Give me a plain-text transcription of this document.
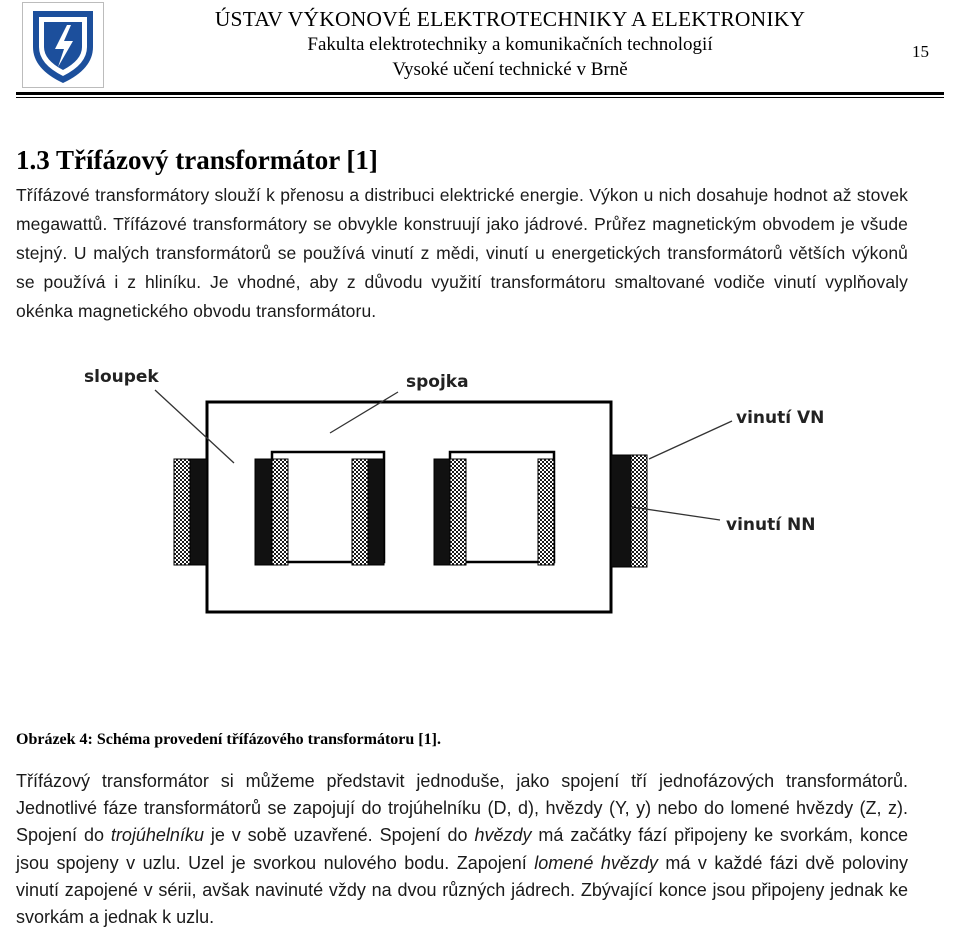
ÚSTAV VÝKONOVÉ ELEKTROTECHNIKY A ELEKTRONIKY
Fakulta elektrotechniky a komunikačních technologií
Vysoké učení technické v Brně
15
1.3 Třífázový transformátor [1]

Třífázové transformátory slouží k přenosu a distribuci elektrické energie. Výkon u nich dosahuje hodnot až stovek megawattů. Třífázové transformátory se obvykle konstruují jako jádrové. Průřez magnetickým obvodem je všude stejný. U malých transformátorů se používá vinutí z mědi, vinutí u energetických transformátorů větších výkonů se používá i z hliníku. Je vhodné, aby z důvodu využití transformátoru smaltované vodiče vinutí vyplňovaly okénka magnetického obvodu transformátoru.

sloupek	spojka
vinutí VN
vinutí NN
Obrázek 4: Schéma provedení třífázového transformátoru [1].

Třífázový transformátor si můžeme představit jednoduše, jako spojení tří jednofázových transformátorů. Jednotlivé fáze transformátorů se zapojují do trojúhelníku (D, d), hvězdy (Y, y) nebo do lomené hvězdy (Z, z). Spojení do trojúhelníku je v sobě uzavřené. Spojení do hvězdy má začátky fází připojeny ke svorkám, konce jsou spojeny v uzlu. Uzel je svorkou nulového bodu. Zapojení lomené hvězdy má v každé fázi dvě poloviny vinutí zapojené v sérii, avšak navinuté vždy na dvou různých jádrech. Zbývající konce jsou připojeny jednak ke svorkám a jednak k uzlu.
